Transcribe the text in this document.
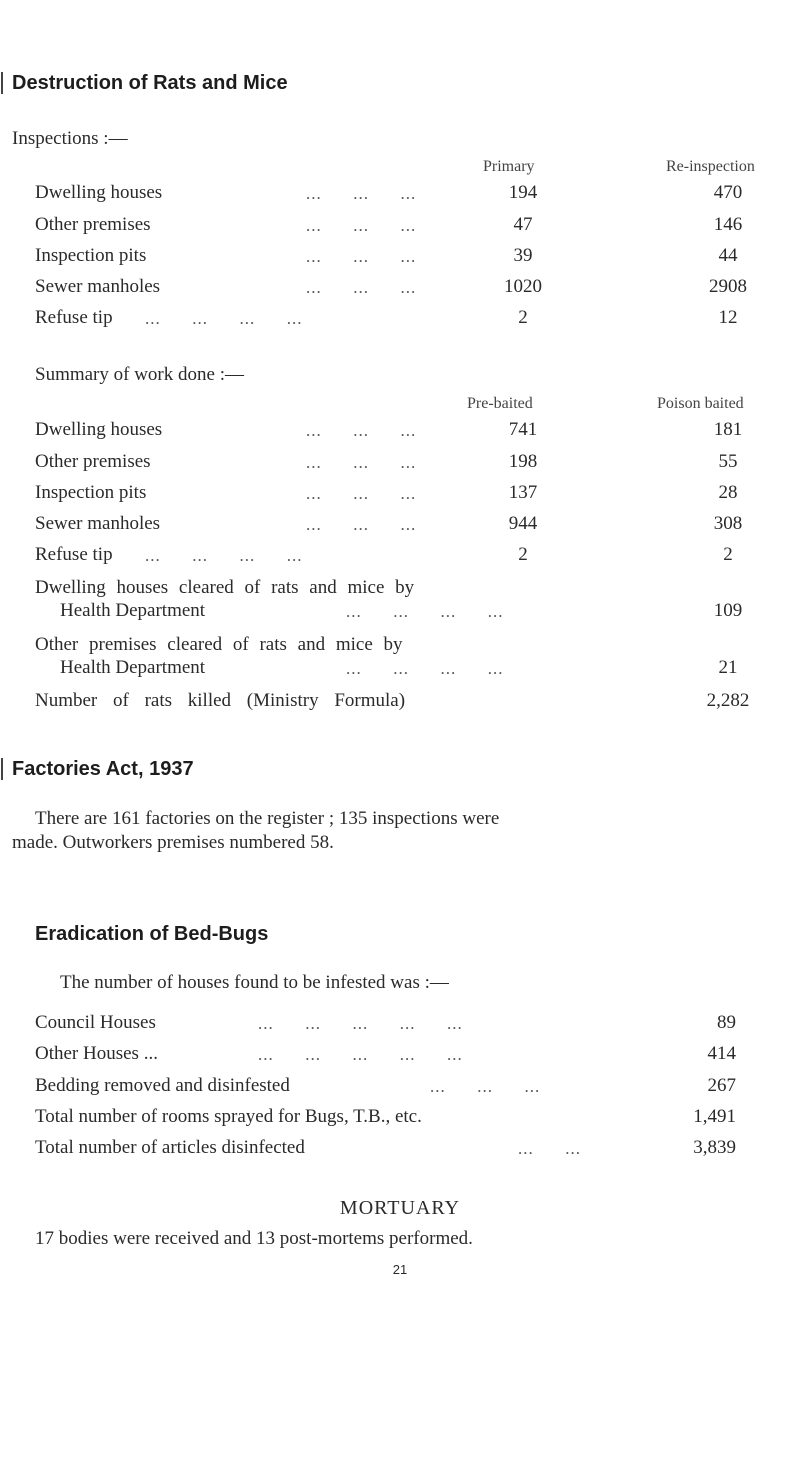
Destruction of Rats and Mice
Inspections :—
Primary	Re-inspection
Dwelling houses	...      ...      ...	194	470
Other premises	...      ...      ...	47	146
Inspection pits	...      ...      ...	39	44
Sewer manholes	...      ...      ...	1020	2908
Refuse tip ...      ...      ...      ...	2	12
Summary of work done :—
Pre-baited	Poison baited
Dwelling houses	...      ...      ...	741	181
Other premises	...      ...      ...	198	55
Inspection pits	...      ...      ...	137	28
Sewer manholes	...      ...      ...	944	308
Refuse tip ...      ...      ...      ...	2	2
Dwelling houses cleared of rats and mice by
Health Department	...      ...      ...      ...	109
Other premises cleared of rats and mice by
Health Department	...      ...      ...      ...	21
Number of rats killed (Ministry Formula)	2,282
Factories Act, 1937
There are 161 factories on the register ; 135 inspections were
made. Outworkers premises numbered 58.
Eradication of Bed-Bugs
The number of houses found to be infested was :—
Council Houses	...      ...      ...      ...      ...	89
Other Houses ...	...      ...      ...      ...      ...	414
Bedding removed and disinfested	...      ...      ...	267
Total number of rooms sprayed for Bugs, T.B., etc.	1,491
Total number of articles disinfected	...      ...	3,839
MORTUARY
17 bodies were received and 13 post-mortems performed.
21
